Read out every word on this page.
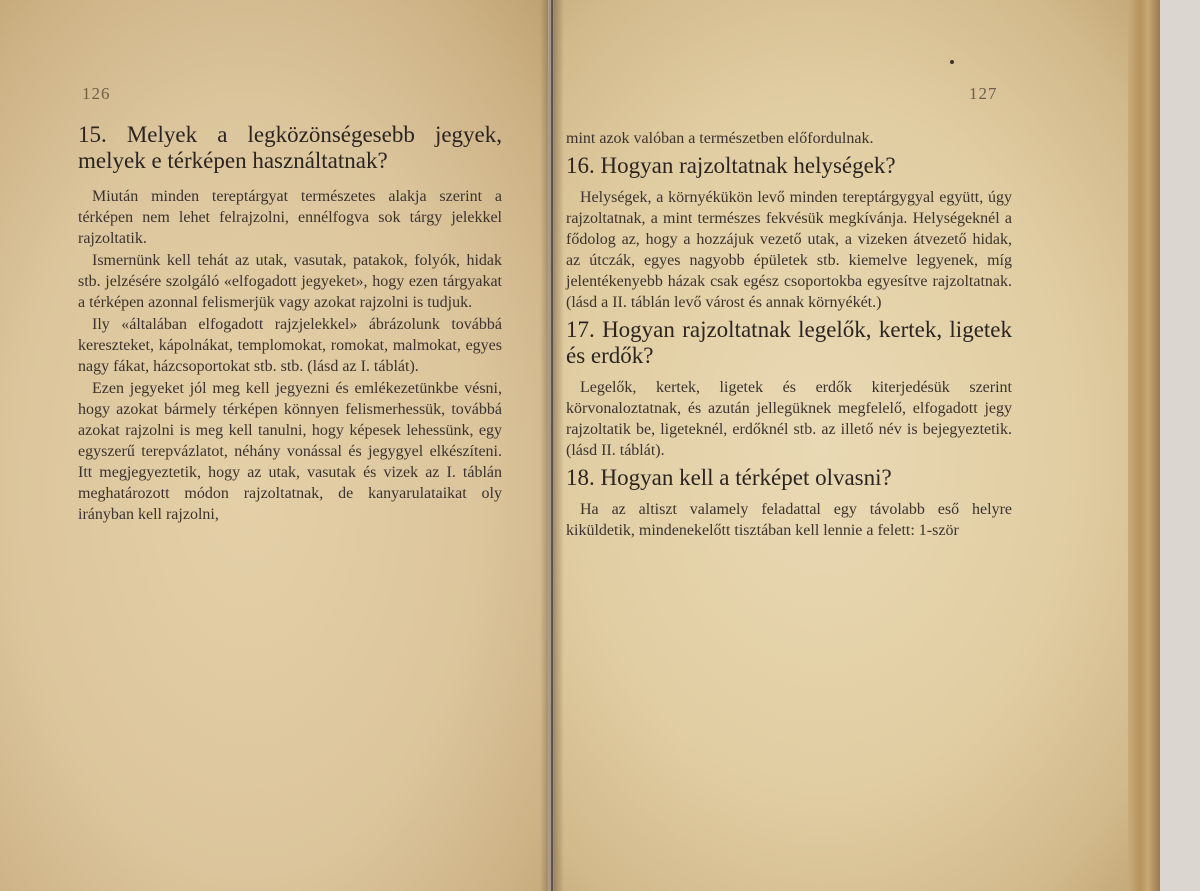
126
15. Melyek a legközönségesebb jegyek, melyek e térképen használtatnak?

Miután minden tereptárgyat természetes alakja szerint a térképen nem lehet felrajzolni, ennélfogva sok tárgy jelekkel rajzoltatik.

Ismernünk kell tehát az utak, vasutak, patakok, folyók, hidak stb. jelzésére szolgáló «elfogadott jegyeket», hogy ezen tárgyakat a térképen azonnal felismerjük vagy azokat rajzolni is tudjuk.

Ily «általában elfogadott rajzjelekkel» ábrázolunk továbbá kereszteket, kápolnákat, templomokat, romokat, malmokat, egyes nagy fákat, házcsoportokat stb. stb. (lásd az I. táblát).

Ezen jegyeket jól meg kell jegyezni és emlékezetünkbe vésni, hogy azokat bármely térképen könnyen felismerhessük, továbbá azokat rajzolni is meg kell tanulni, hogy képesek lehessünk, egy egyszerű terepvázlatot, néhány vonással és jegygyel elkészíteni. Itt megjegyeztetik, hogy az utak, vasutak és vizek az I. táblán meghatározott módon rajzoltatnak, de kanyarulataikat oly irányban kell rajzolni,

127

mint azok valóban a természetben előfordulnak.

16. Hogyan rajzoltatnak helységek?

Helységek, a környékükön levő minden tereptárgygyal együtt, úgy rajzoltatnak, a mint természes fekvésük megkívánja. Helységeknél a fődolog az, hogy a hozzájuk vezető utak, a vizeken átvezető hidak, az útczák, egyes nagyobb épületek stb. kiemelve legyenek, míg jelentékenyebb házak csak egész csoportokba egyesítve rajzoltatnak. (lásd a II. táblán levő várost és annak környékét.)

17. Hogyan rajzoltatnak legelők, kertek, ligetek és erdők?

Legelők, kertek, ligetek és erdők kiterjedésük szerint körvonaloztatnak, és azután jellegüknek megfelelő, elfogadott jegy rajzoltatik be, ligeteknél, erdőknél stb. az illető név is bejegyeztetik. (lásd II. táblát).

18. Hogyan kell a térképet olvasni?

Ha az altiszt valamely feladattal egy távolabb eső helyre kiküldetik, mindenekelőtt tisztában kell lennie a felett: 1-ször
